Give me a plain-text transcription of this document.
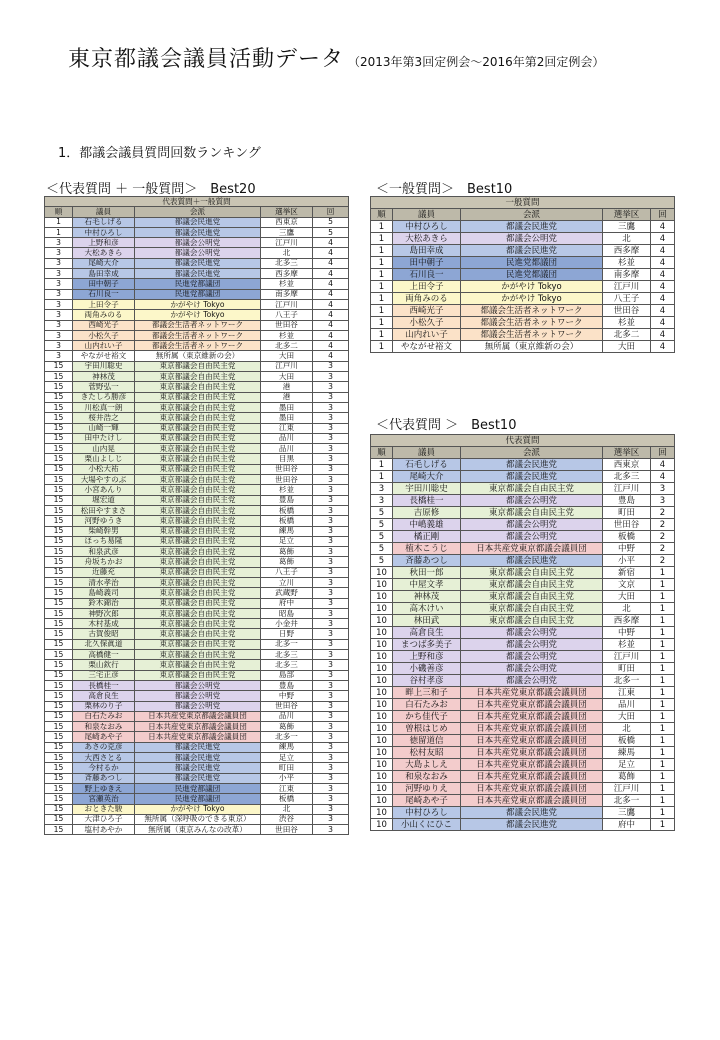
東京都議会議員活動データ （2013年第3回定例会〜2016年第2回定例会）
1．都議会議員質問回数ランキング
＜代表質問 ＋ 一般質問＞　Best20	＜一般質問＞　Best10
＜代表質問 ＞　Best10
代表質問＋一般質問				
順	議員	会派	選挙区	回
1	石毛しげる	都議会民進党	西東京	5
1	中村ひろし	都議会民進党	三鷹	5
3	上野和彦	都議会公明党	江戸川	4
3	大松あきら	都議会公明党	北	4
3	尾崎大介	都議会民進党	北多三	4
3	島田幸成	都議会民進党	西多摩	4
3	田中朝子	民進党都議団	杉並	4
3	石川良一	民進党都議団	南多摩	4
3	上田令子	かがやけ Tokyo	江戸川	4
3	両角みのる	かがやけ Tokyo	八王子	4
3	西崎光子	都議会生活者ネットワーク	世田谷	4
3	小松久子	都議会生活者ネットワーク	杉並	4
3	山内れい子	都議会生活者ネットワーク	北多二	4
3	やながせ裕文	無所属（東京維新の会）	大田	4
15	宇田川聡史	東京都議会自由民主党	江戸川	3
15	神林茂	東京都議会自由民主党	大田	3
15	菅野弘一	東京都議会自由民主党	港	3
15	きたしろ勝彦	東京都議会自由民主党	港	3
15	川松真一朗	東京都議会自由民主党	墨田	3
15	桜井浩之	東京都議会自由民主党	墨田	3
15	山崎一輝	東京都議会自由民主党	江東	3
15	田中たけし	東京都議会自由民主党	品川	3
15	山内晃	東京都議会自由民主党	品川	3
15	栗山よしじ	東京都議会自由民主党	目黒	3
15	小松大祐	東京都議会自由民主党	世田谷	3
15	大場やすのぶ	東京都議会自由民主党	世田谷	3
15	小宮あんり	東京都議会自由民主党	杉並	3
15	堀宏道	東京都議会自由民主党	豊島	3
15	松田やすまさ	東京都議会自由民主党	板橋	3
15	河野ゆうき	東京都議会自由民主党	板橋	3
15	柴崎幹男	東京都議会自由民主党	練馬	3
15	ほっち易隆	東京都議会自由民主党	足立	3
15	和泉武彦	東京都議会自由民主党	葛飾	3
15	舟坂ちかお	東京都議会自由民主党	葛飾	3
15	近藤充	東京都議会自由民主党	八王子	3
15	清水孝治	東京都議会自由民主党	立川	3
15	島崎義司	東京都議会自由民主党	武蔵野	3
15	鈴木錦治	東京都議会自由民主党	府中	3
15	神野次郎	東京都議会自由民主党	昭島	3
15	木村基成	東京都議会自由民主党	小金井	3
15	古賀俊昭	東京都議会自由民主党	日野	3
15	北久保眞道	東京都議会自由民主党	北多一	3
15	高橋健一	東京都議会自由民主党	北多三	3
15	栗山欽行	東京都議会自由民主党	北多三	3
15	三宅正彦	東京都議会自由民主党	島部	3
15	長橋桂一	都議会公明党	豊島	3
15	高倉良生	都議会公明党	中野	3
15	栗林のり子	都議会公明党	世田谷	3
15	白石たみお	日本共産党東京都議会議員団	品川	3
15	和泉なおみ	日本共産党東京都議会議員団	葛飾	3
15	尾崎あや子	日本共産党東京都議会議員団	北多一	3
15	あさの克彦	都議会民進党	練馬	3
15	大西さとる	都議会民進党	足立	3
15	今村るか	都議会民進党	町田	3
15	斉藤あつし	都議会民進党	小平	3
15	野上ゆきえ	民進党都議団	江東	3
15	宮瀬英治	民進党都議団	板橋	3
15	おときた駿	かがやけ Tokyo	北	3
15	大津ひろ子	無所属（深呼吸のできる東京）	渋谷	3
15	塩村あやか	無所属（東京みんなの改革）	世田谷	3
一般質問				
順	議員	会派	選挙区	回
1	中村ひろし	都議会民進党	三鷹	4
1	大松あきら	都議会公明党	北	4
1	島田幸成	都議会民進党	西多摩	4
1	田中朝子	民進党都議団	杉並	4
1	石川良一	民進党都議団	南多摩	4
1	上田令子	かがやけ Tokyo	江戸川	4
1	両角みのる	かがやけ Tokyo	八王子	4
1	西崎光子	都議会生活者ネットワーク	世田谷	4
1	小松久子	都議会生活者ネットワーク	杉並	4
1	山内れい子	都議会生活者ネットワーク	北多二	4
1	やながせ裕文	無所属（東京維新の会）	大田	4
代表質問				
順	議員	会派	選挙区	回
1	石毛しげる	都議会民進党	西東京	4
1	尾崎大介	都議会民進党	北多三	4
3	宇田川聡史	東京都議会自由民主党	江戸川	3
3	長橋桂一	都議会公明党	豊島	3
5	吉原修	東京都議会自由民主党	町田	2
5	中嶋義雄	都議会公明党	世田谷	2
5	橘正剛	都議会公明党	板橋	2
5	植木こうじ	日本共産党東京都議会議員団	中野	2
5	斉藤あつし	都議会民進党	小平	2
10	秋田一郎	東京都議会自由民主党	新宿	1
10	中屋文孝	東京都議会自由民主党	文京	1
10	神林茂	東京都議会自由民主党	大田	1
10	高木けい	東京都議会自由民主党	北	1
10	林田武	東京都議会自由民主党	西多摩	1
10	高倉良生	都議会公明党	中野	1
10	まつば多美子	都議会公明党	杉並	1
10	上野和彦	都議会公明党	江戸川	1
10	小磯善彦	都議会公明党	町田	1
10	谷村孝彦	都議会公明党	北多一	1
10	畔上三和子	日本共産党東京都議会議員団	江東	1
10	白石たみお	日本共産党東京都議会議員団	品川	1
10	かち佳代子	日本共産党東京都議会議員団	大田	1
10	曽根はじめ	日本共産党東京都議会議員団	北	1
10	徳留道信	日本共産党東京都議会議員団	板橋	1
10	松村友昭	日本共産党東京都議会議員団	練馬	1
10	大島よしえ	日本共産党東京都議会議員団	足立	1
10	和泉なおみ	日本共産党東京都議会議員団	葛飾	1
10	河野ゆりえ	日本共産党東京都議会議員団	江戸川	1
10	尾崎あや子	日本共産党東京都議会議員団	北多一	1
10	中村ひろし	都議会民進党	三鷹	1
10	小山くにひこ	都議会民進党	府中	1
